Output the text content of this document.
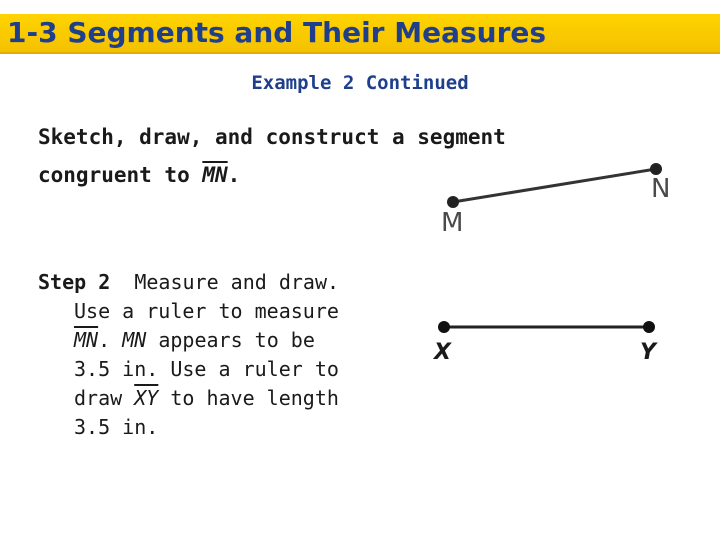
1-3 Segments and Their Measures
Example 2 Continued
Sketch, draw, and construct a segment
congruent to $\overline{MN}$.
Step 2 Measure and draw.
Use a ruler to measure
$\overline{MN}$. MN appears to be
3.5 in. Use a ruler to
draw $\overline{XY}$ to have length
3.5 in.
M
N
X	Y
